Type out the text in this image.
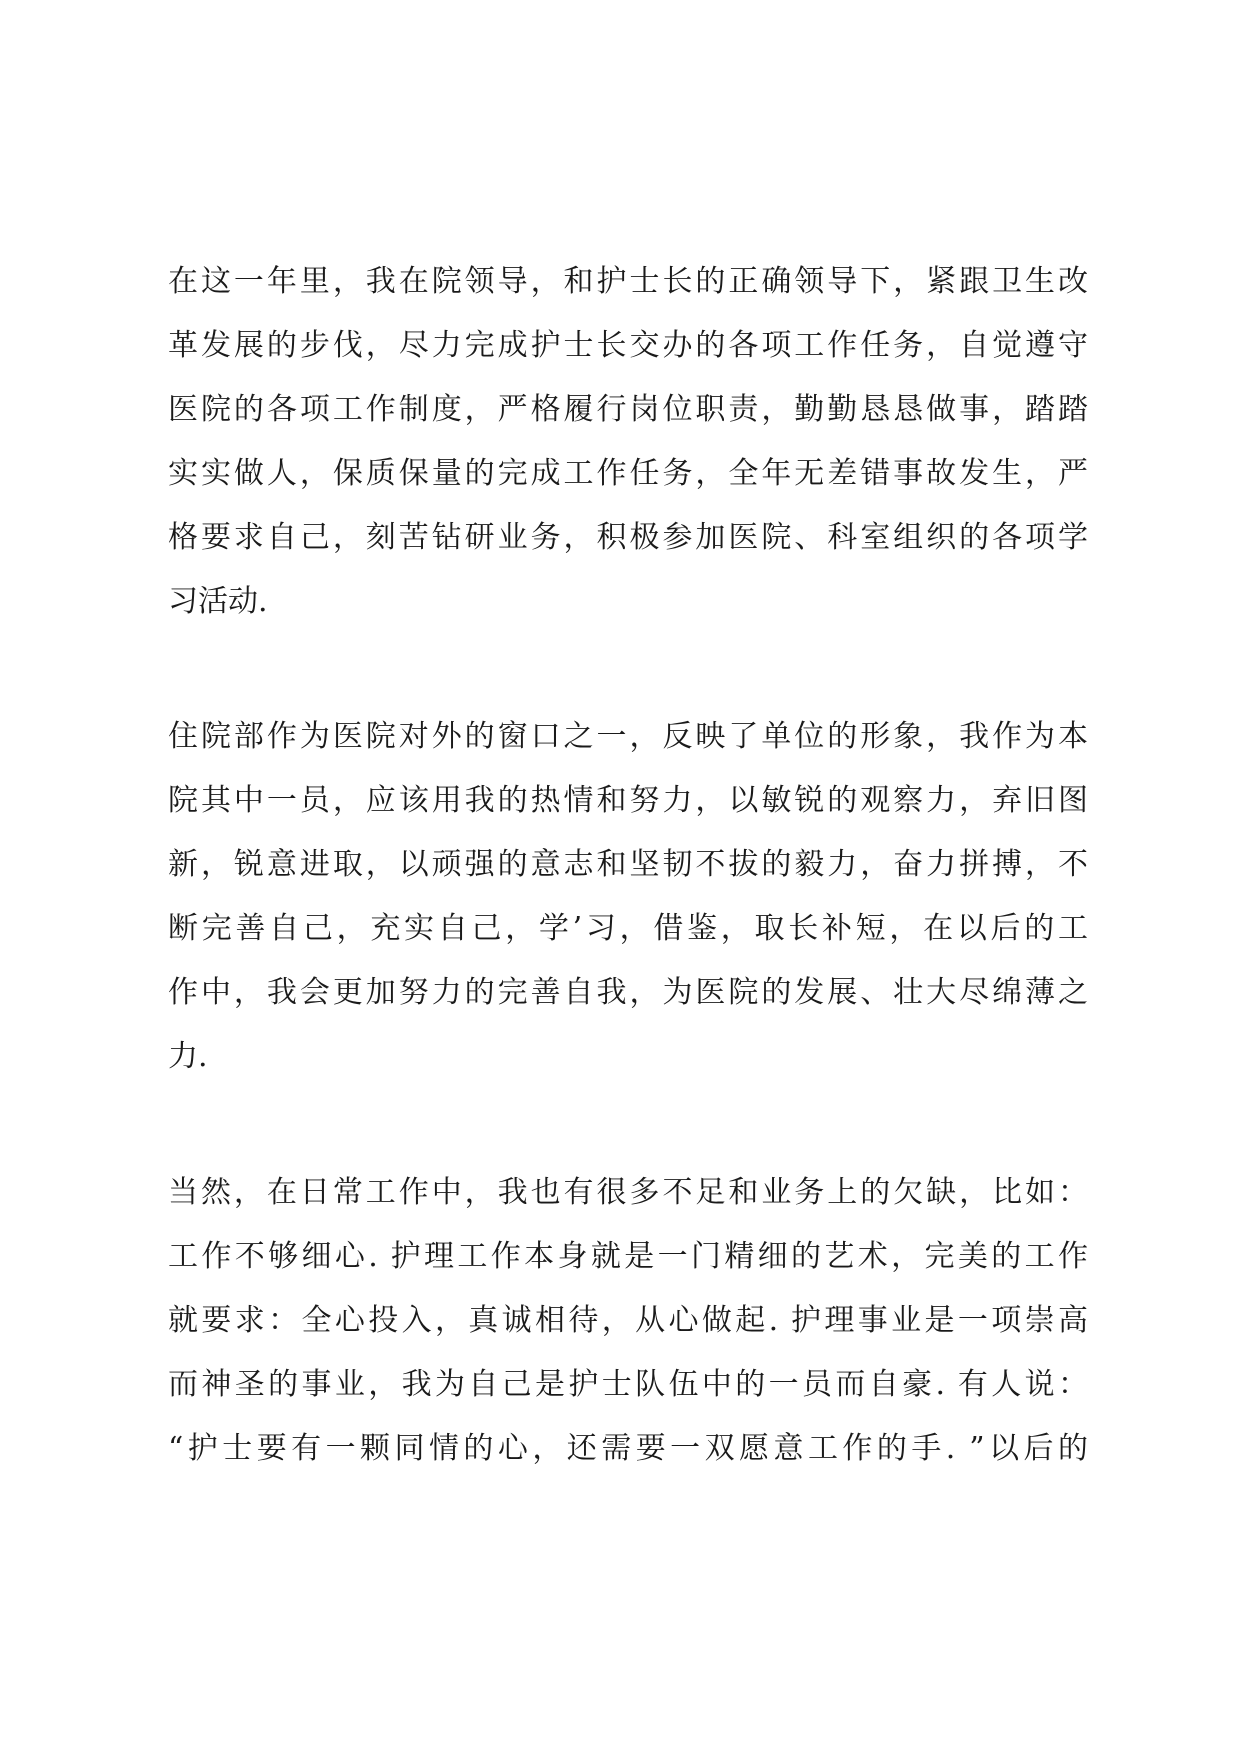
在这一年里，我在院领导，和护士长的正确领导下，紧跟卫生改
革发展的步伐，尽力完成护士长交办的各项工作任务，自觉遵守
医院的各项工作制度，严格履行岗位职责，勤勤恳恳做事，踏踏
实实做人，保质保量的完成工作任务，全年无差错事故发生，严
格要求自己，刻苦钻研业务，积极参加医院、科室组织的各项学
习活动.
住院部作为医院对外的窗口之一，反映了单位的形象，我作为本
院其中一员，应该用我的热情和努力，以敏锐的观察力，弃旧图
新，锐意进取，以顽强的意志和坚韧不拔的毅力，奋力拼搏，不
断完善自己，充实自己，学’习，借鉴，取长补短，在以后的工
作中，我会更加努力的完善自我，为医院的发展、壮大尽绵薄之
力.
当然，在日常工作中，我也有很多不足和业务上的欠缺，比如：
工作不够细心. 护理工作本身就是一门精细的艺术，完美的工作
就要求：全心投入，真诚相待，从心做起. 护理事业是一项崇高
而神圣的事业，我为自己是护士队伍中的一员而自豪. 有人说：
“护士要有一颗同情的心，还需要一双愿意工作的手. ”以后的
